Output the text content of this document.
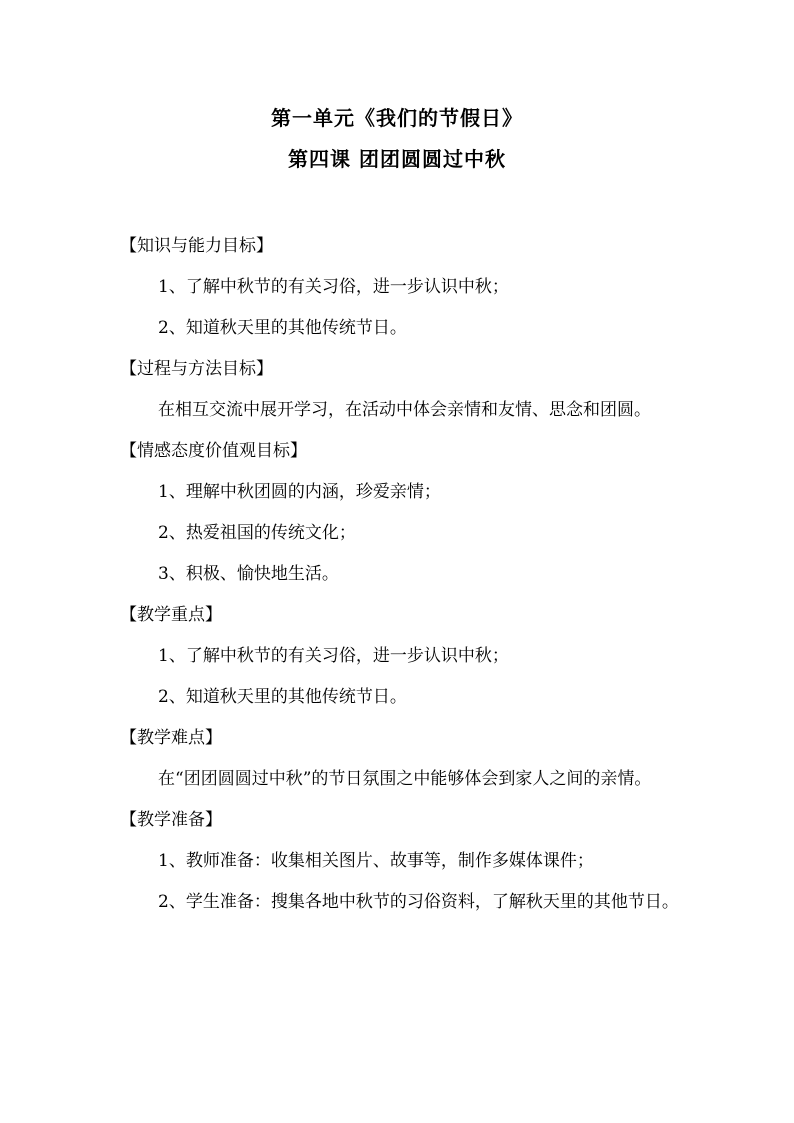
第一单元《我们的节假日》
第四课 团团圆圆过中秋
【知识与能力目标】
1、了解中秋节的有关习俗，进一步认识中秋；
2、知道秋天里的其他传统节日。
【过程与方法目标】
在相互交流中展开学习，在活动中体会亲情和友情、思念和团圆。
【情感态度价值观目标】
1、理解中秋团圆的内涵，珍爱亲情；
2、热爱祖国的传统文化；
3、积极、愉快地生活。
【教学重点】
1、了解中秋节的有关习俗，进一步认识中秋；
2、知道秋天里的其他传统节日。
【教学难点】
在“团团圆圆过中秋”的节日氛围之中能够体会到家人之间的亲情。
【教学准备】
1、教师准备：收集相关图片、故事等，制作多媒体课件；
2、学生准备：搜集各地中秋节的习俗资料，了解秋天里的其他节日。
